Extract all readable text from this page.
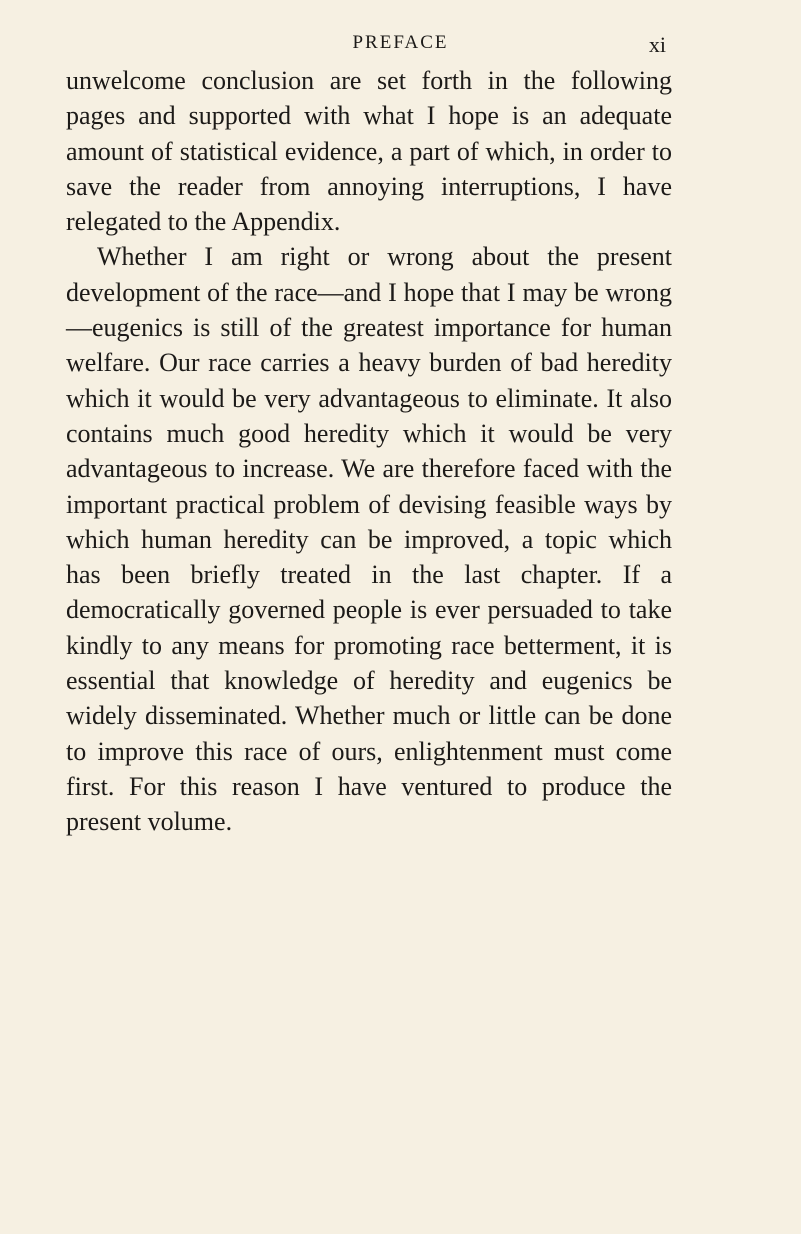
PREFACE	xi

unwelcome conclusion are set forth in the following pages and supported with what I hope is an adequate amount of statistical evidence, a part of which, in order to save the reader from annoying interruptions, I have relegated to the Appendix.

Whether I am right or wrong about the present development of the race—and I hope that I may be wrong—eugenics is still of the greatest importance for human welfare. Our race carries a heavy burden of bad heredity which it would be very advantageous to eliminate. It also contains much good heredity which it would be very advantageous to increase. We are therefore faced with the important practical problem of devising feasible ways by which human heredity can be improved, a topic which has been briefly treated in the last chapter. If a democratically governed people is ever persuaded to take kindly to any means for promoting race betterment, it is essential that knowledge of heredity and eugenics be widely disseminated. Whether much or little can be done to improve this race of ours, enlightenment must come first. For this reason I have ventured to produce the present volume.
